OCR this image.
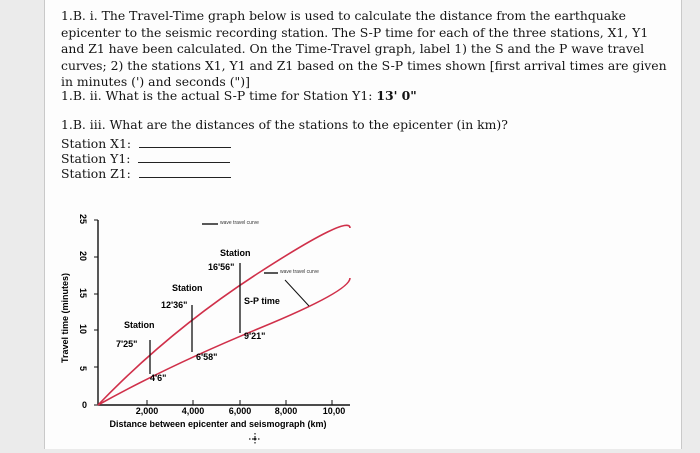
1.B. i. The Travel-Time graph below is used to calculate the distance from the earthquake epicenter to the seismic recording station. The S-P time for each of the three stations, X1, Y1 and Z1 have been calculated. On the Time-Travel graph, label 1) the S and the P wave travel curves; 2) the stations X1, Y1 and Z1 based on the S-P times shown [first arrival times are given in minutes (') and seconds (")]

1.B. ii. What is the actual S-P time for Station Y1: 13' 0"

1.B. iii. What are the distances of the stations to the epicenter (in km)?

Station X1:
Station Y1:
Station Z1:
0
5
10
15
20
25
Travel time (minutes)
2,000	4,000	6,000	8,000	10,00
Distance between epicenter and seismograph (km)
wave travel curve
wave travel curve
Station
7'25"
4'6"
Station
12'36"
6'58"
Station
16'56"
S-P time
9'21"
